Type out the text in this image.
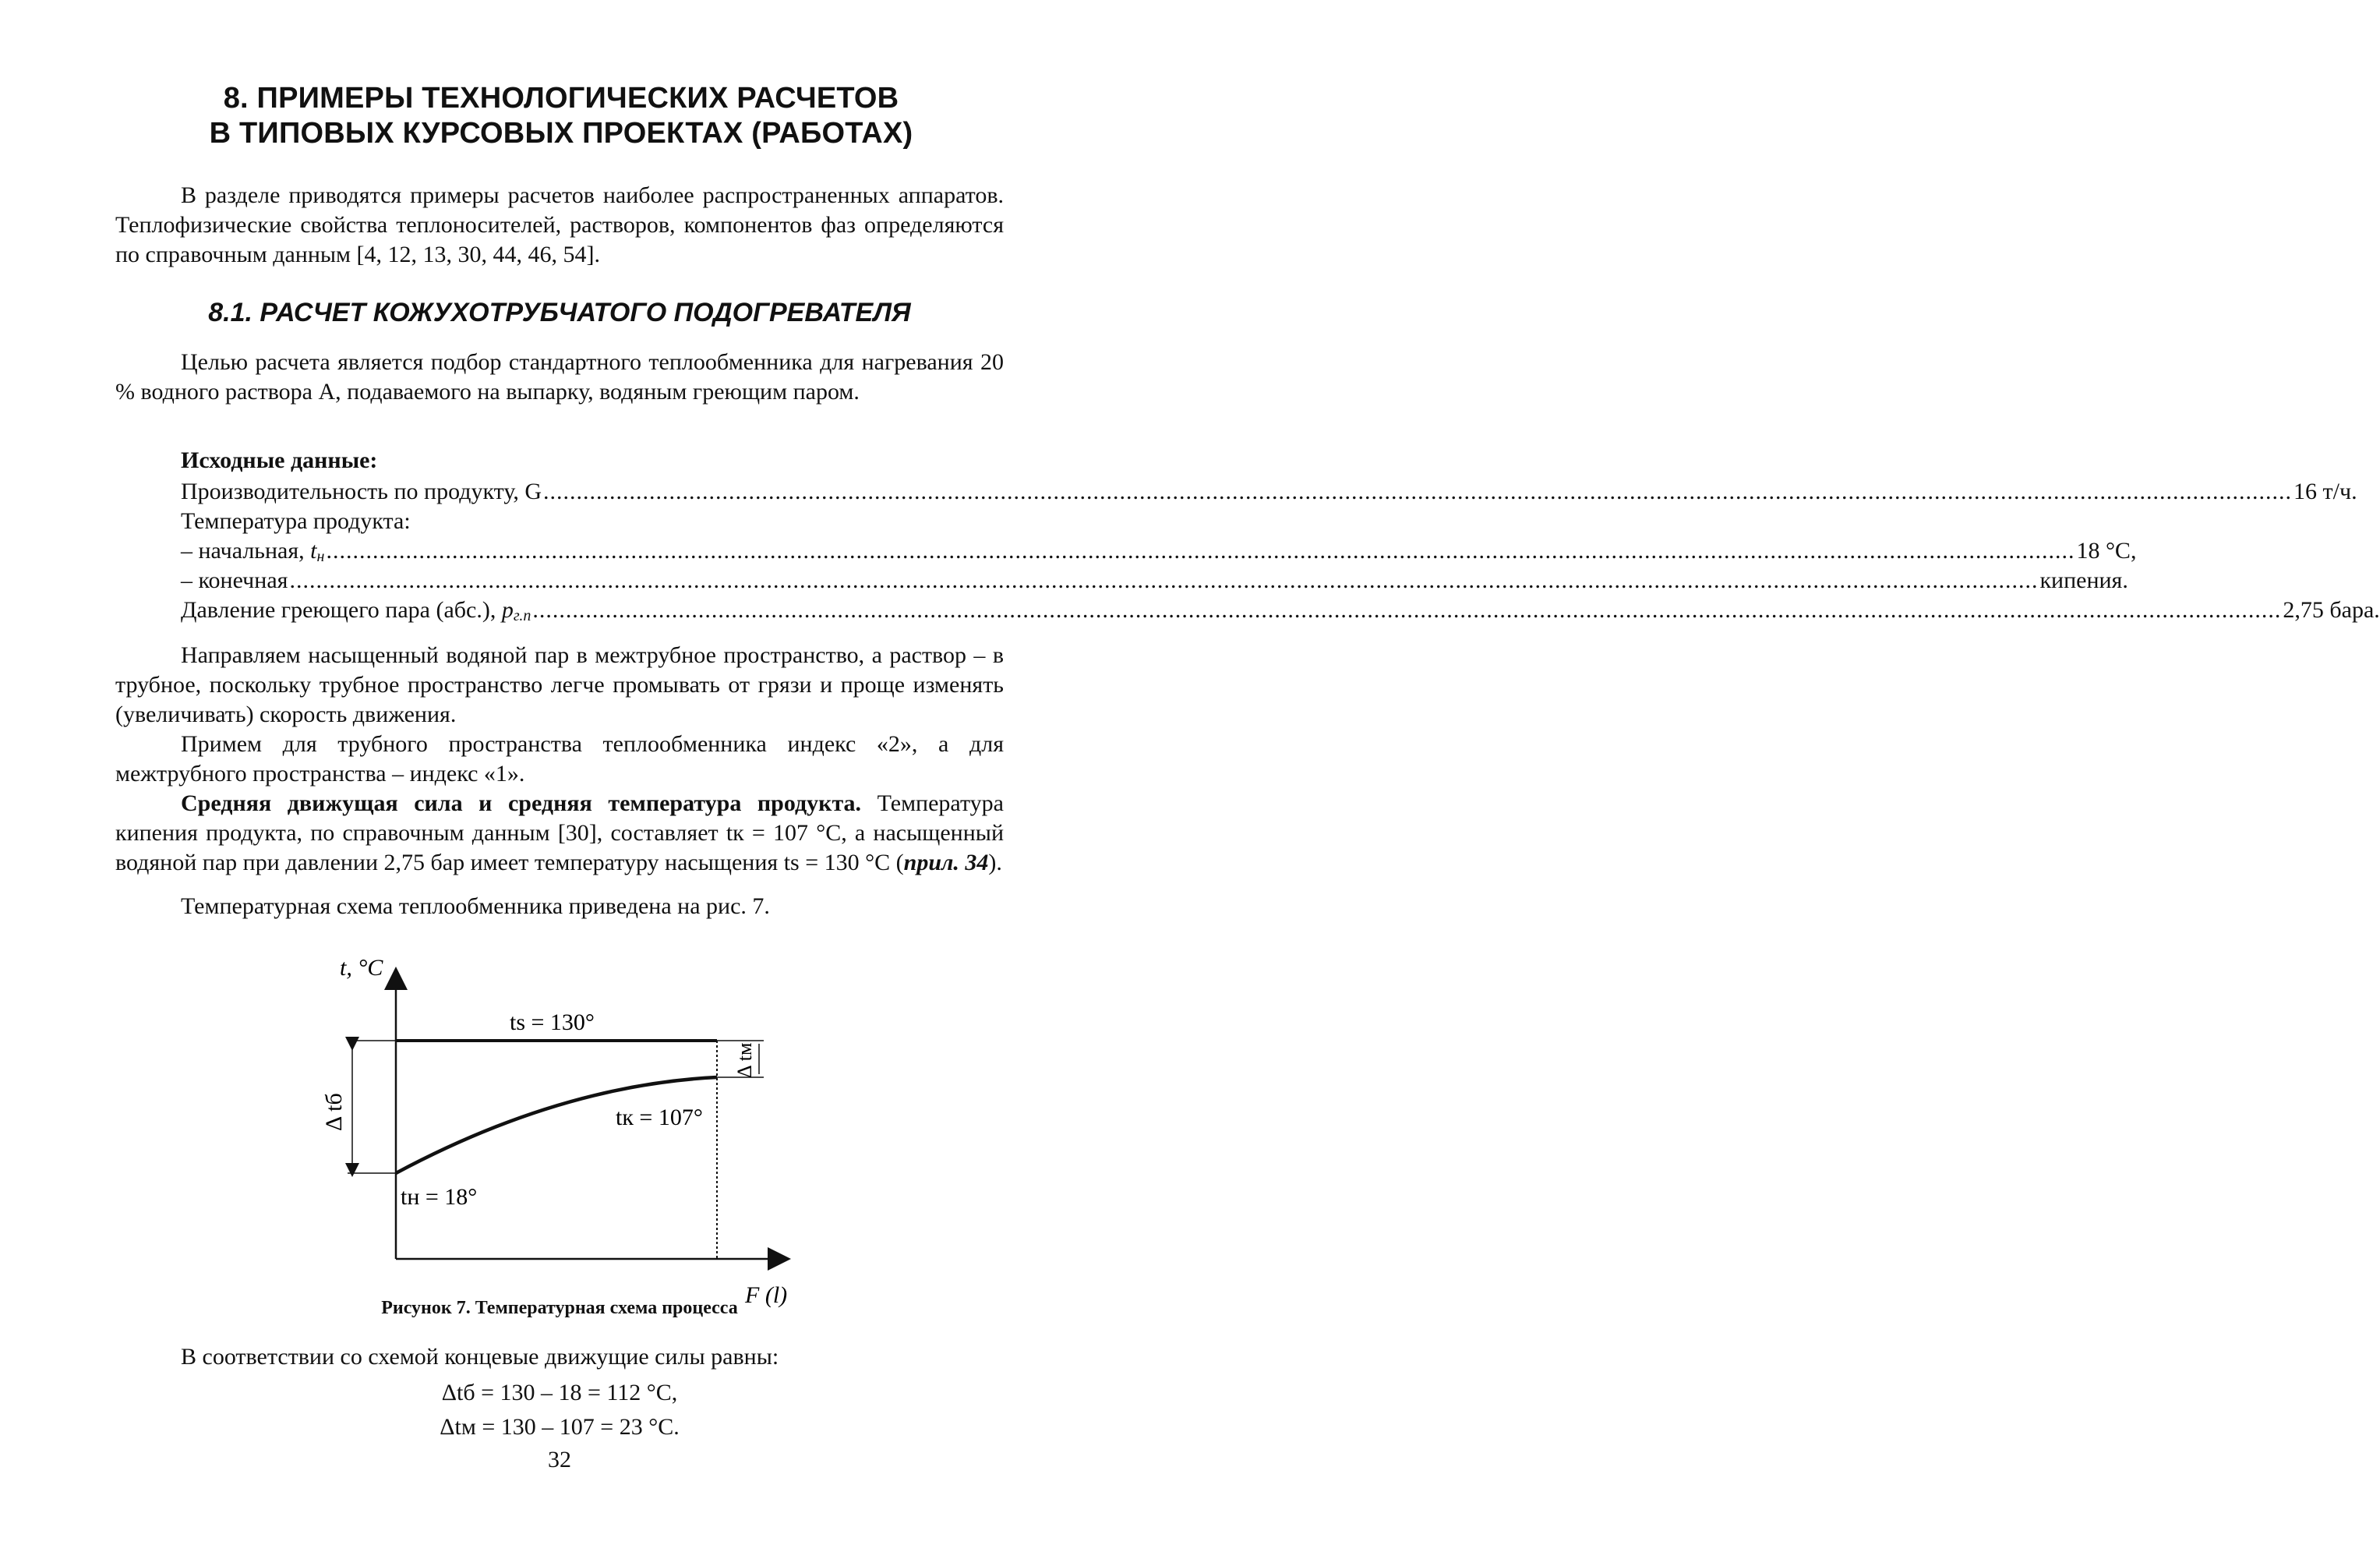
8. ПРИМЕРЫ ТЕХНОЛОГИЧЕСКИХ РАСЧЕТОВ
В ТИПОВЫХ КУРСОВЫХ ПРОЕКТАХ (РАБОТАХ)
В разделе приводятся примеры расчетов наиболее распространенных аппаратов. Теплофизические свойства теплоносителей, растворов, компонентов фаз определяются по справочным данным [4, 12, 13, 30, 44, 46, 54].
8.1. РАСЧЕТ КОЖУХОТРУБЧАТОГО ПОДОГРЕВАТЕЛЯ
Целью расчета является подбор стандартного теплообменника для нагревания 20 % водного раствора А, подаваемого на выпарку, водяным греющим паром.
Исходные данные:
Производительность по продукту, G .....	16 т/ч.
Температура продукта:
– начальная, $t_н$ .....	18 °С,
– конечная .....	кипения.
Давление греющего пара (абс.), $p_{г.п}$ .....	2,75 бара.
Направляем насыщенный водяной пар в межтрубное пространство, а раствор – в трубное, поскольку трубное пространство легче промывать от грязи и проще изменять (увеличивать) скорость движения.
Примем для трубного пространства теплообменника индекс «2», а для межтрубного пространства – индекс «1».
Средняя движущая сила и средняя температура продукта. Температура кипения продукта, по справочным данным [30], составляет tк = 107 °С, а насыщенный водяной пар при давлении 2,75 бар имеет температуру насыщения ts = 130 °С (прил. 34).
Температурная схема теплообменника приведена на рис. 7.
t, °C
F (l)
ts = 130°
tк = 107°
tн = 18°
Δ tб
Δ tм
Рисунок 7. Температурная схема процесса
В соответствии со схемой концевые движущие силы равны:
Δtб = 130 – 18 = 112 °С,
Δtм = 130 – 107 = 23 °С.
32
